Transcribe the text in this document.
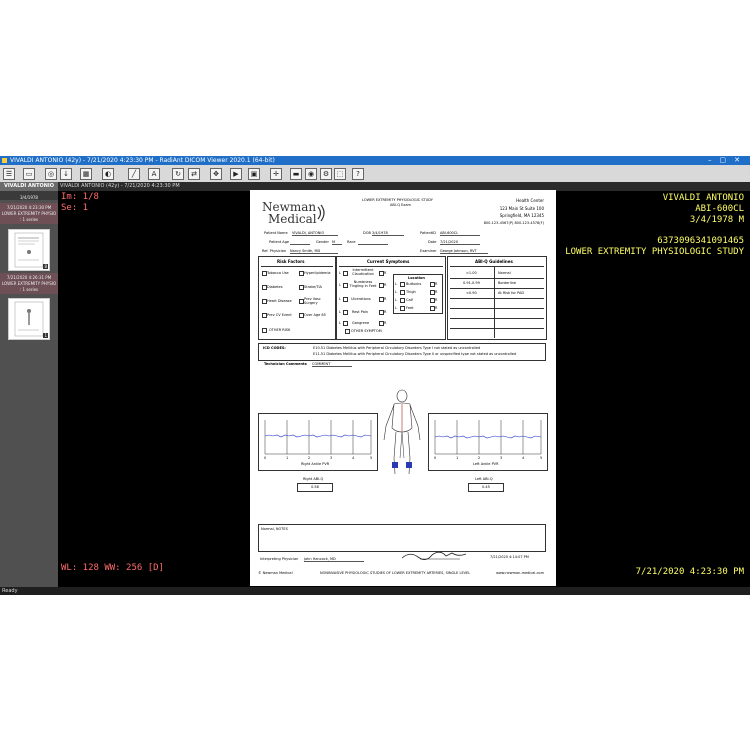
VIVALDI ANTONIO (42y) - 7/21/2020 4:23:30 PM - RadiAnt DICOM Viewer 2020.1 (64-bit)	–▢✕
☰	▭	◎	↓	▦	◐	╱	A	↻	⇄	✥	▶	▣	✛	▬	◉	⚙	⬚	?
VIVALDI ANTONIO	VIVALDI ANTONIO (42y) - 7/21/2020 4:23:30 PM
3/4/1978
7/21/2020 4:23:30 PM
LOWER EXTREMITY PHYSIO
: 1 series
8
7/21/2020 4:26:31 PM
LOWER EXTREMITY PHYSIO
: 1 series
1
Im: 1/8
Se: 1
WL: 128 WW: 256 [D]
VIVALDI ANTONIO
ABI-600CL
3/4/1978 M
6373096341091465
LOWER EXTREMITY PHYSIOLOGIC STUDY
7/21/2020 4:23:30 PM
Ready
Newman
Medical
LOWER EXTREMITY PHYSIOLOGIC STUDY
ABI-Q Exam
Health Center
123 Main St Suite 100
Springfield, MA 12345
800-123-4567(P) 800-123-4578(F)
Patient Name VIVALDI, ANTONIO	DOB 3/4/1978	PatientID ABI-600CL
Patient Age	Gender M	Race	Date 7/21/2020
Ref. Physician Nancy Smith, MD	Examiner George Johnson, RVT
Risk Factors
Tobacco Use
Diabetes
Heart Disease
Prev CV Event
OTHER RISK
Hyperlipidemia
Stroke/TIA
Prev Vasc Surgery
Over Age 65
Current Symptoms
L
Intermittent Claudication	R
L
Numbness Tingling in Feet R
L	Ulcerations	R
L	Rest Pain	R
L	Gangrene	R
OTHER SYMPTOM
Location
L	Buttocks	R
L	Thigh	R
L	Calf	R
L	Feet	R
ABI-Q Guidelines
>1.00	Normal
0.91-0.99	Borderline
<0.90	At Risk for PAD
ICD CODES:	E10.51 Diabetes Mellitus with Peripheral Circulatory Disorders Type I not stated as uncontrolled
E11.51 Diabetes Mellitus with Peripheral Circulatory Disorders Type II or unspecified type not stated as uncontrolled
Technician Comments COMMENT
0	1	2	3	4	5
Right Ankle PVR
0	1	2	3	4	5
Left Ankle PVR
Right ABI-Q
0.58
Left ABI-Q
0.45
Normal, NOTES
Interpreting Physician John Hancock, MD	7/21/2020 4:14:07 PM
© Newman Medical	NONINVASIVE PHYSIOLOGIC STUDIES OF LOWER EXTREMITY ARTERIES, SINGLE LEVEL	www.newman-medical.com
